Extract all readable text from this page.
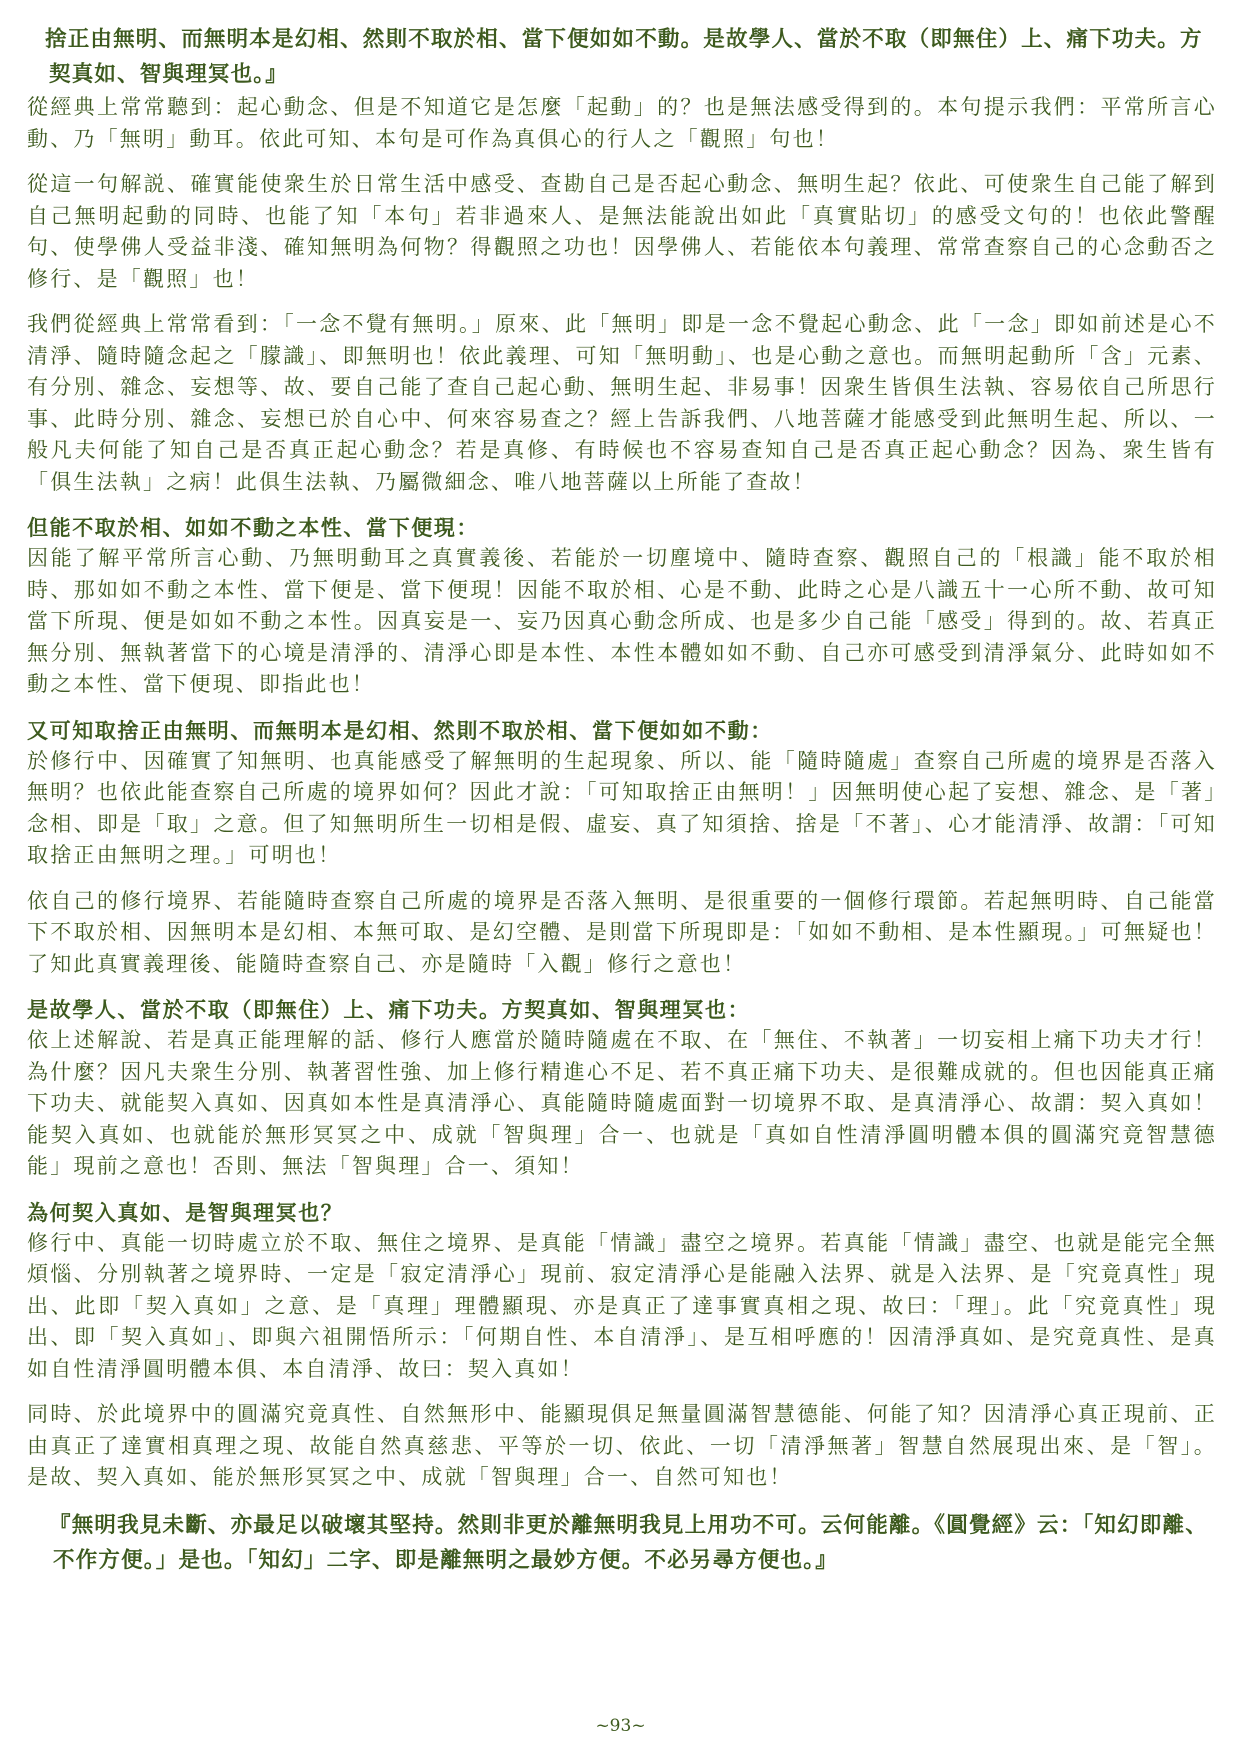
捨正由無明、而無明本是幻相、然則不取於相、當下便如如不動。是故學人、當於不取（即無住）上、痛下功夫。方契真如、智與理冥也。』

從經典上常常聽到：起心動念、但是不知道它是怎麼「起動」的？也是無法感受得到的。本句提示我們：平常所言心動、乃「無明」動耳。依此可知、本句是可作為真俱心的行人之「觀照」句也！

從這一句解説、確實能使衆生於日常生活中感受、查勘自己是否起心動念、無明生起？依此、可使衆生自己能了解到自己無明起動的同時、也能了知「本句」若非過來人、是無法能說出如此「真實貼切」的感受文句的！也依此警醒句、使學佛人受益非淺、確知無明為何物？得觀照之功也！因學佛人、若能依本句義理、常常查察自己的心念動否之修行、是「觀照」也！

我們從經典上常常看到：「一念不覺有無明。」原來、此「無明」即是一念不覺起心動念、此「一念」即如前述是心不清淨、隨時隨念起之「朦識」、即無明也！依此義理、可知「無明動」、也是心動之意也。而無明起動所「含」元素、有分別、雜念、妄想等、故、要自己能了查自己起心動、無明生起、非易事！因衆生皆俱生法執、容易依自己所思行事、此時分別、雜念、妄想已於自心中、何來容易查之？經上告訴我們、八地菩薩才能感受到此無明生起、所以、一般凡夫何能了知自己是否真正起心動念？若是真修、有時候也不容易查知自己是否真正起心動念？因為、衆生皆有「俱生法執」之病！此俱生法執、乃屬微細念、唯八地菩薩以上所能了查故！

但能不取於相、如如不動之本性、當下便現：

因能了解平常所言心動、乃無明動耳之真實義後、若能於一切塵境中、隨時查察、觀照自己的「根識」能不取於相時、那如如不動之本性、當下便是、當下便現！因能不取於相、心是不動、此時之心是八識五十一心所不動、故可知當下所現、便是如如不動之本性。因真妄是一、妄乃因真心動念所成、也是多少自己能「感受」得到的。故、若真正無分別、無執著當下的心境是清淨的、清淨心即是本性、本性本體如如不動、自己亦可感受到清淨氣分、此時如如不動之本性、當下便現、即指此也！

又可知取捨正由無明、而無明本是幻相、然則不取於相、當下便如如不動：

於修行中、因確實了知無明、也真能感受了解無明的生起現象、所以、能「隨時隨處」查察自己所處的境界是否落入無明？也依此能查察自己所處的境界如何？因此才說：「可知取捨正由無明！」因無明使心起了妄想、雜念、是「著」念相、即是「取」之意。但了知無明所生一切相是假、虛妄、真了知須捨、捨是「不著」、心才能清淨、故謂：「可知取捨正由無明之理。」可明也！

依自己的修行境界、若能隨時查察自己所處的境界是否落入無明、是很重要的一個修行環節。若起無明時、自己能當下不取於相、因無明本是幻相、本無可取、是幻空體、是則當下所現即是：「如如不動相、是本性顯現。」可無疑也！了知此真實義理後、能隨時查察自己、亦是隨時「入觀」修行之意也！

是故學人、當於不取（即無住）上、痛下功夫。方契真如、智與理冥也：

依上述解說、若是真正能理解的話、修行人應當於隨時隨處在不取、在「無住、不執著」一切妄相上痛下功夫才行！為什麼？因凡夫衆生分別、執著習性強、加上修行精進心不足、若不真正痛下功夫、是很難成就的。但也因能真正痛下功夫、就能契入真如、因真如本性是真清淨心、真能隨時隨處面對一切境界不取、是真清淨心、故謂：契入真如！能契入真如、也就能於無形冥冥之中、成就「智與理」合一、也就是「真如自性清淨圓明體本俱的圓滿究竟智慧德能」現前之意也！否則、無法「智與理」合一、須知！

為何契入真如、是智與理冥也？

修行中、真能一切時處立於不取、無住之境界、是真能「情識」盡空之境界。若真能「情識」盡空、也就是能完全無煩惱、分別執著之境界時、一定是「寂定清淨心」現前、寂定清淨心是能融入法界、就是入法界、是「究竟真性」現出、此即「契入真如」之意、是「真理」理體顯現、亦是真正了達事實真相之現、故曰：「理」。此「究竟真性」現出、即「契入真如」、即與六祖開悟所示：「何期自性、本自清淨」、是互相呼應的！因清淨真如、是究竟真性、是真如自性清淨圓明體本俱、本自清淨、故曰：契入真如！

同時、於此境界中的圓滿究竟真性、自然無形中、能顯現俱足無量圓滿智慧德能、何能了知？因清淨心真正現前、正由真正了達實相真理之現、故能自然真慈悲、平等於一切、依此、一切「清淨無著」智慧自然展現出來、是「智」。是故、契入真如、能於無形冥冥之中、成就「智與理」合一、自然可知也！

『無明我見未斷、亦最足以破壞其堅持。然則非更於離無明我見上用功不可。云何能離。《圓覺經》云：「知幻即離、不作方便。」是也。「知幻」二字、即是離無明之最妙方便。不必另尋方便也。』

~93~
